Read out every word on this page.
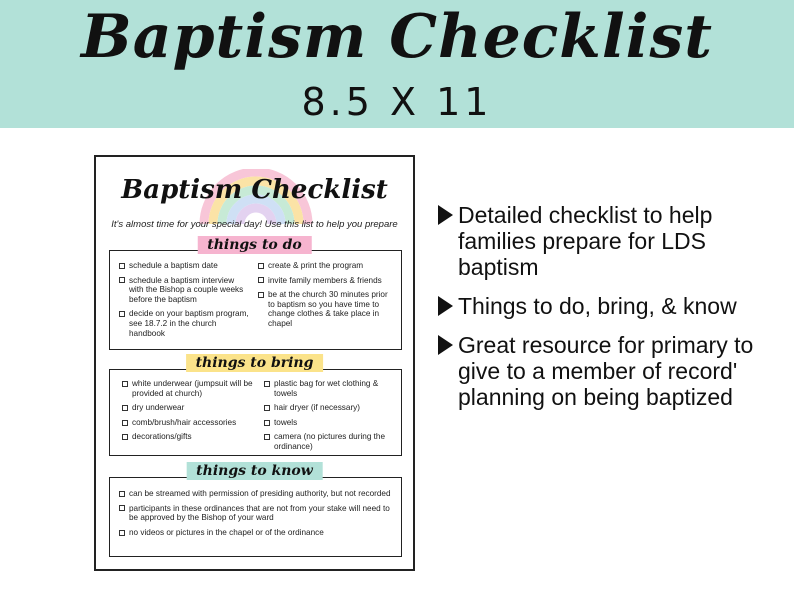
Baptism Checklist
8.5 X 11
Baptism Checklist
It's almost time for your special day! Use this list to help you prepare
schedule a baptism date
schedule a baptism interview with the Bishop a couple weeks before the baptism
decide on your baptism program, see 18.7.2 in the church handbook
create & print the program
invite family members & friends
be at the church 30 minutes prior to baptism so you have time to change clothes & take place in chapel
things to do
white underwear (jumpsuit will be provided at church)
dry underwear
comb/brush/hair accessories
decorations/gifts
plastic bag for wet clothing & towels
hair dryer (if necessary)
towels
camera (no pictures during the ordinance)
things to bring
can be streamed with permission of presiding authority, but not recorded
participants in these ordinances that are not from your stake will need to be approved by the Bishop of your ward
no videos or pictures in the chapel or of the ordinance
things to know
Detailed checklist to help families prepare for LDS baptism
Things to do, bring, & know
Great resource for primary to give to a member of record' planning on being baptized
